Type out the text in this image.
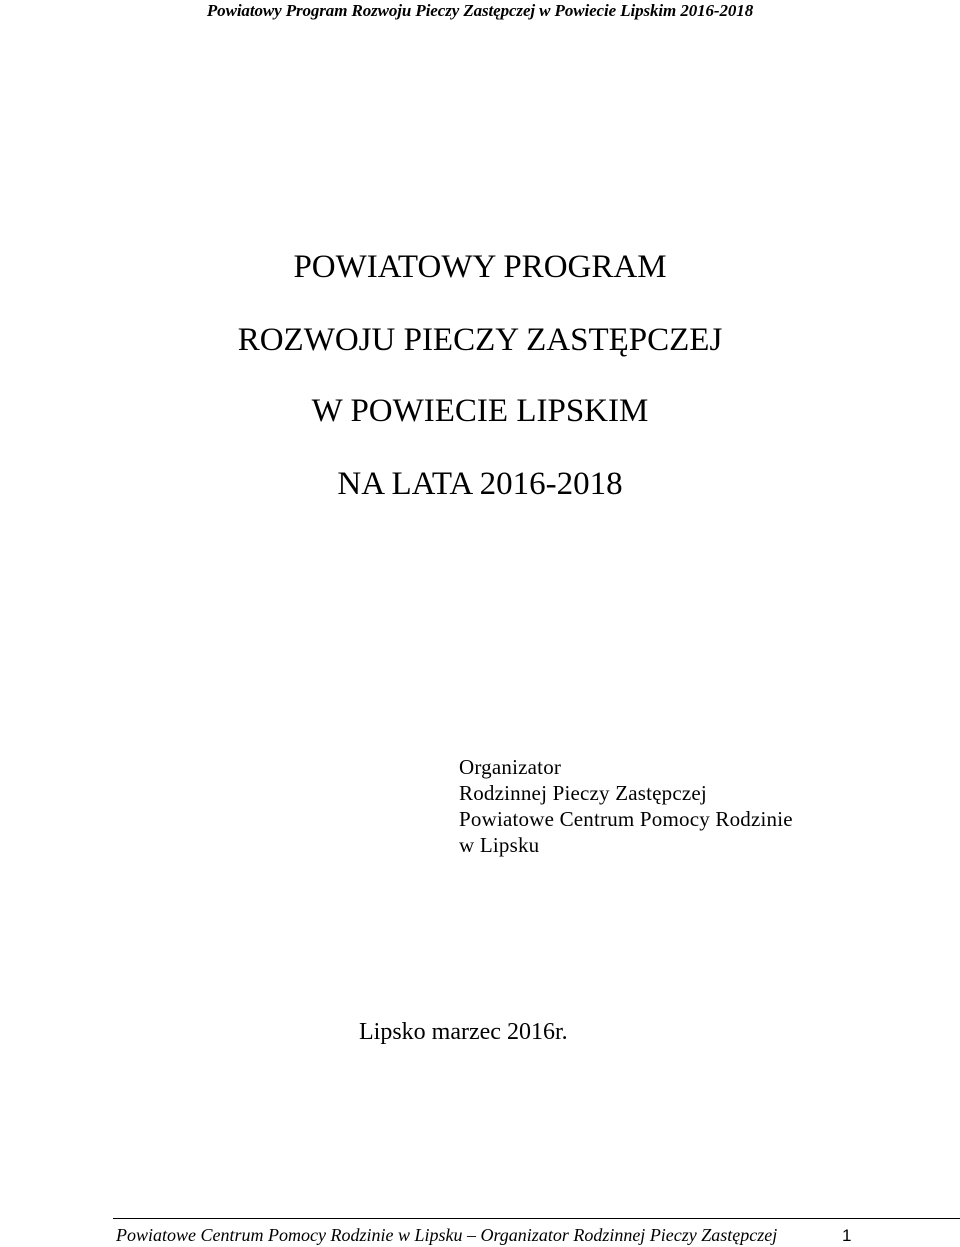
Powiatowy Program Rozwoju Pieczy Zastępczej w Powiecie Lipskim 2016-2018
POWIATOWY PROGRAM
ROZWOJU PIECZY ZASTĘPCZEJ
W POWIECIE LIPSKIM
NA LATA 2016-2018
Organizator
Rodzinnej Pieczy Zastępczej
Powiatowe Centrum Pomocy Rodzinie
w Lipsku
Lipsko marzec 2016r.
Powiatowe Centrum Pomocy Rodzinie w Lipsku – Organizator Rodzinnej Pieczy Zastępczej	1
